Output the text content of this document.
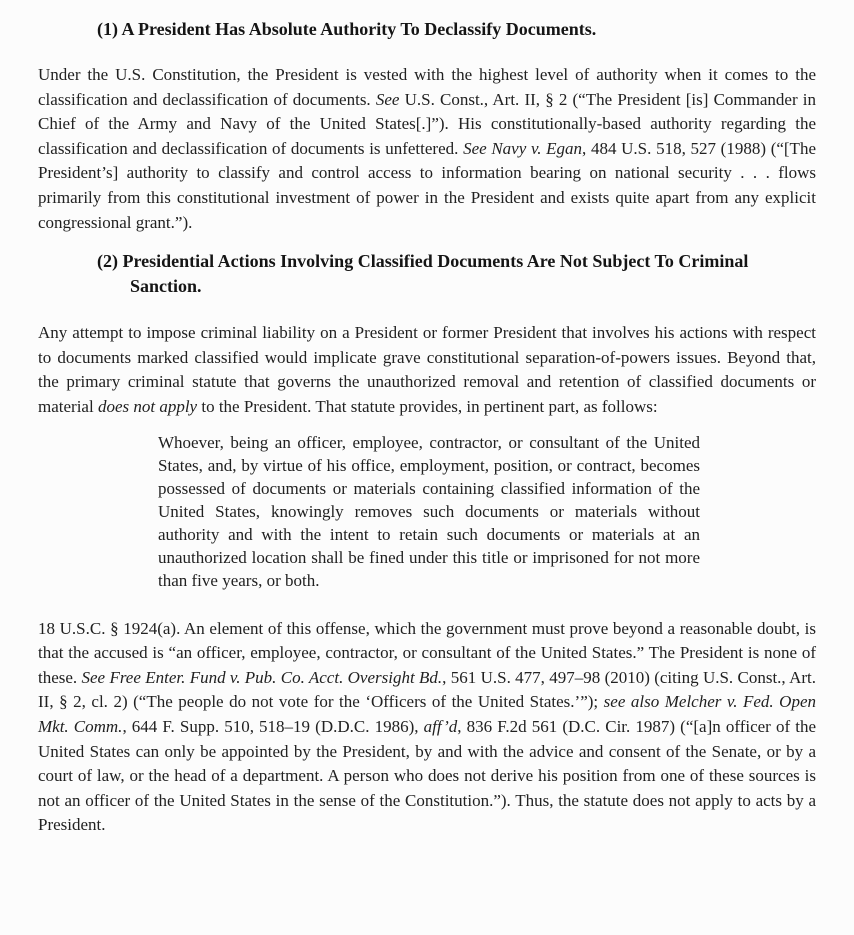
(1) A President Has Absolute Authority To Declassify Documents.

Under the U.S. Constitution, the President is vested with the highest level of authority when it comes to the classification and declassification of documents. See U.S. Const., Art. II, § 2 (“The President [is] Commander in Chief of the Army and Navy of the United States[.]”). His constitutionally-based authority regarding the classification and declassification of documents is unfettered. See Navy v. Egan, 484 U.S. 518, 527 (1988) (“[The President’s] authority to classify and control access to information bearing on national security . . . flows primarily from this constitutional investment of power in the President and exists quite apart from any explicit congressional grant.”).

(2) Presidential Actions Involving Classified Documents Are Not Subject To Criminal
Sanction.

Any attempt to impose criminal liability on a President or former President that involves his actions with respect to documents marked classified would implicate grave constitutional separation-of-powers issues. Beyond that, the primary criminal statute that governs the unauthorized removal and retention of classified documents or material does not apply to the President. That statute provides, in pertinent part, as follows:

Whoever, being an officer, employee, contractor, or consultant of the United States, and, by virtue of his office, employment, position, or contract, becomes possessed of documents or materials containing classified information of the United States, knowingly removes such documents or materials without authority and with the intent to retain such documents or materials at an unauthorized location shall be fined under this title or imprisoned for not more than five years, or both.

18 U.S.C. § 1924(a). An element of this offense, which the government must prove beyond a reasonable doubt, is that the accused is “an officer, employee, contractor, or consultant of the United States.” The President is none of these. See Free Enter. Fund v. Pub. Co. Acct. Oversight Bd., 561 U.S. 477, 497–98 (2010) (citing U.S. Const., Art. II, § 2, cl. 2) (“The people do not vote for the ‘Officers of the United States.’”); see also Melcher v. Fed. Open Mkt. Comm., 644 F. Supp. 510, 518–19 (D.D.C. 1986), aff’d, 836 F.2d 561 (D.C. Cir. 1987) (“[a]n officer of the United States can only be appointed by the President, by and with the advice and consent of the Senate, or by a court of law, or the head of a department. A person who does not derive his position from one of these sources is not an officer of the United States in the sense of the Constitution.”). Thus, the statute does not apply to acts by a President.
